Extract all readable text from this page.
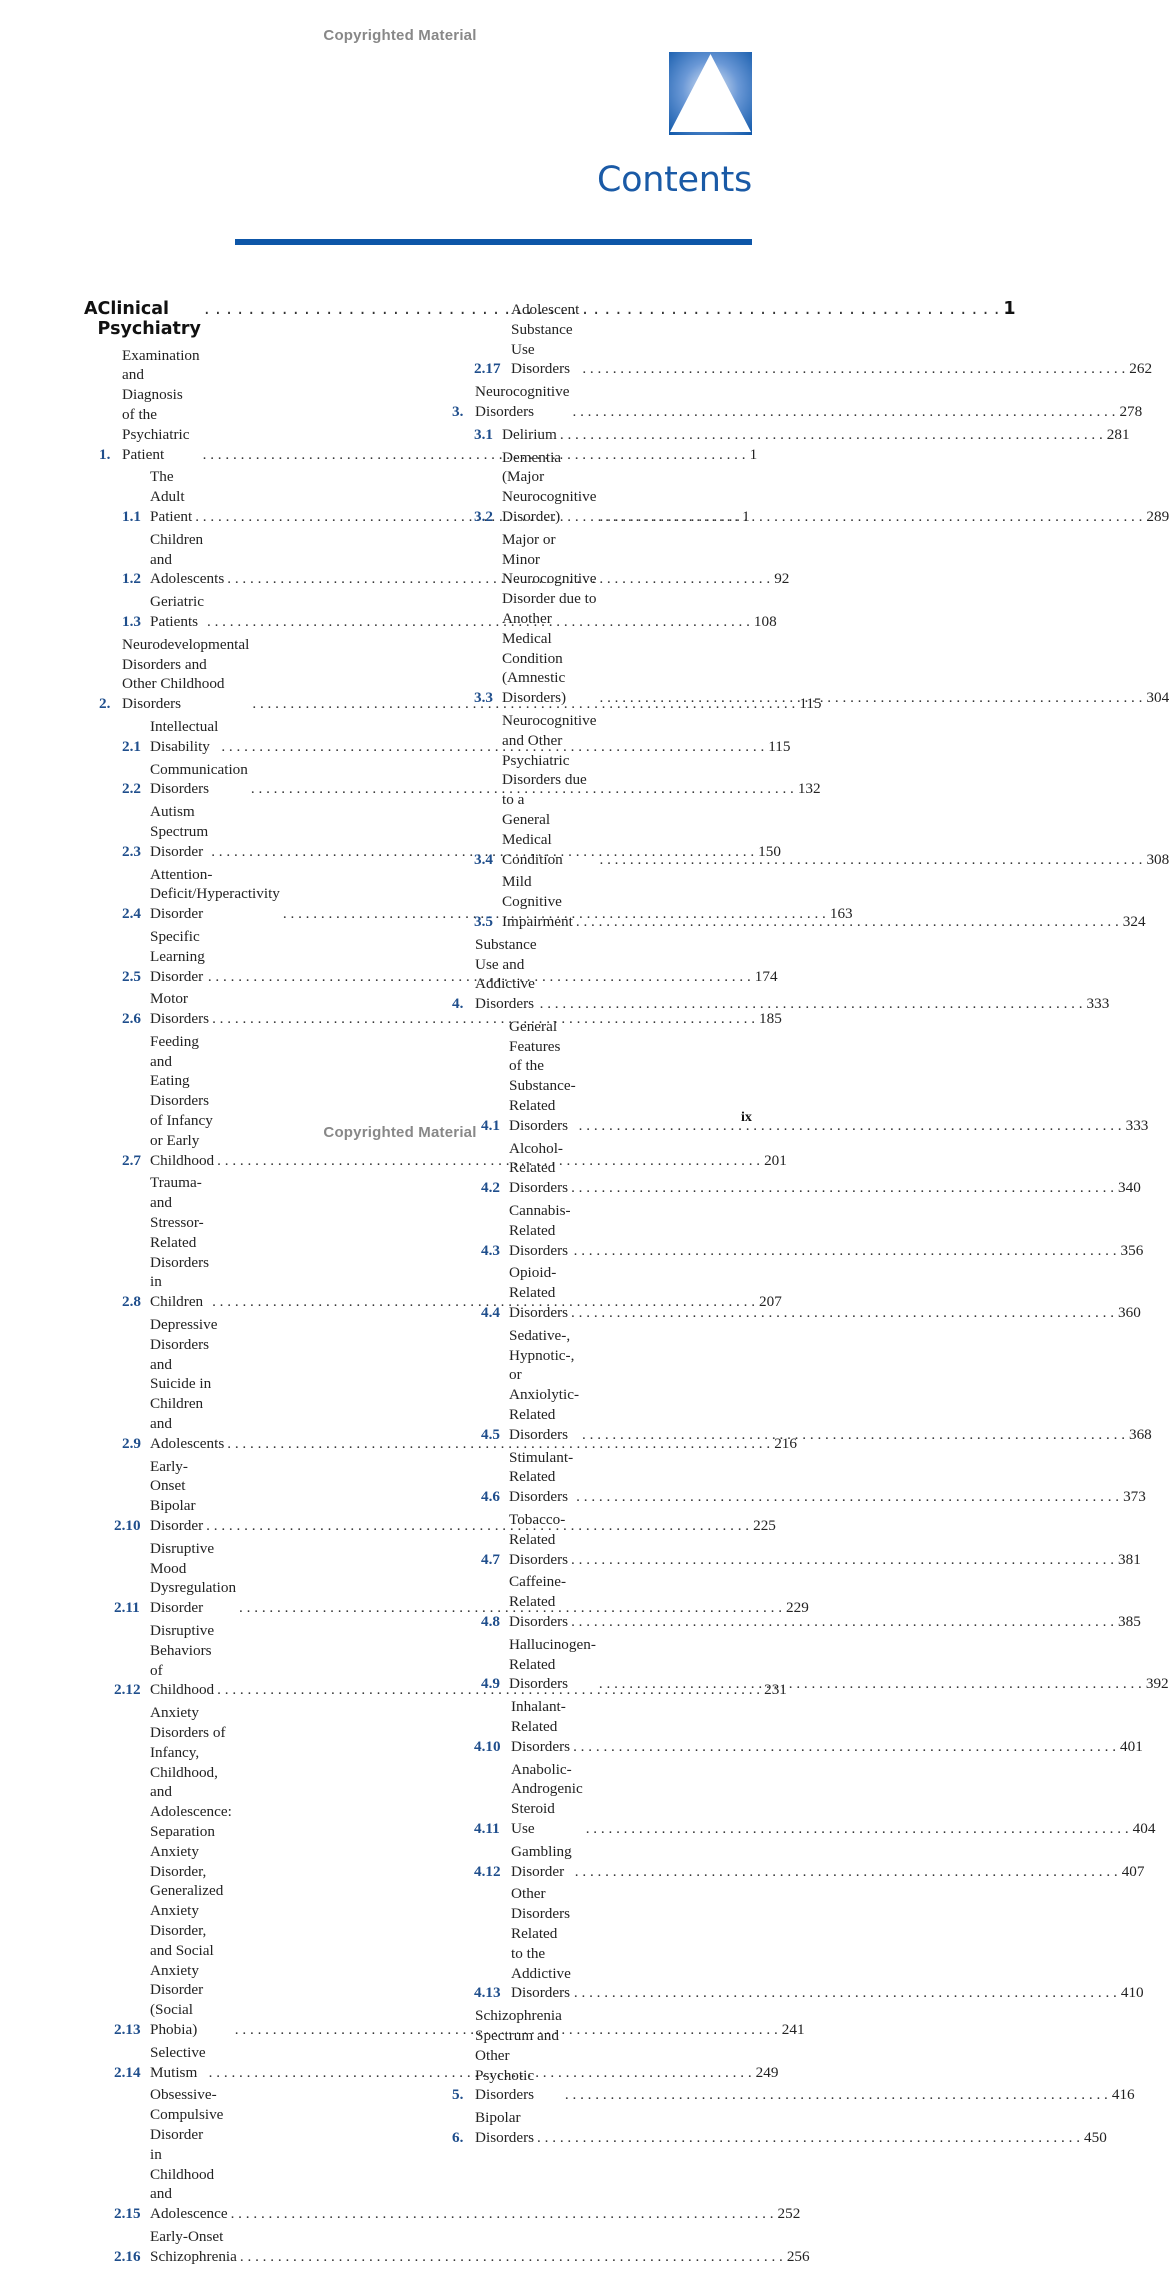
Copyrighted Material
Contents
A Clinical Psychiatry
. . .
1
1.
Examination and Diagnosis
of the Psychiatric Patient . . .	1
1.1
The Adult Patient . . .	1
1.2
Children and Adolescents . . .	92
1.3
Geriatric Patients . . .	108
2.
Neurodevelopmental Disorders and
Other Childhood Disorders . . .	115
2.1
Intellectual Disability . . .	115
2.2
Communication Disorders . . .	132
2.3
Autism Spectrum Disorder . . .	150
2.4
Attention-Deficit/Hyperactivity
Disorder . . .	163
2.5
Specific Learning Disorder . . .	174
2.6
Motor Disorders . . .	185
2.7
Feeding and Eating Disorders
of Infancy or Early Childhood . . .	201
2.8
Trauma- and Stressor-Related
Disorders in Children . . .	207
2.9
Depressive Disorders and
Suicide in Children and
Adolescents . . .	216
2.10
Early-Onset Bipolar Disorder . . .	225
2.11
Disruptive Mood Dysregulation
Disorder . . .	229
2.12
Disruptive Behaviors of
Childhood . . .	231
2.13
Anxiety Disorders of Infancy,
Childhood, and Adolescence:
Separation Anxiety Disorder,
Generalized Anxiety Disorder,
and Social Anxiety Disorder
(Social Phobia) . . .	241
2.14
Selective Mutism . . .	249
2.15
Obsessive-Compulsive Disorder
in Childhood and Adolescence . . .	252
2.16
Early-Onset Schizophrenia . . .	256
2.17
Adolescent Substance Use
Disorders . . .	262
3.
Neurocognitive Disorders . . .	278
3.1 Delirium . . .	281
3.2
Dementia (Major Neurocognitive
Disorder) . . .	289
3.3
Major or Minor Neurocognitive
Disorder due to Another
Medical Condition
(Amnestic Disorders) . . .	304
3.4
Neurocognitive and Other
Psychiatric Disorders due to a
General Medical Condition . . .	308
3.5
Mild Cognitive Impairment . . .	324
4.
Substance Use and
Addictive Disorders . . .	333
4.1
General Features of the
Substance-Related Disorders . . .	333
4.2
Alcohol-Related Disorders . . .	340
4.3
Cannabis-Related Disorders . . .	356
4.4
Opioid-Related Disorders . . .	360
4.5
Sedative-, Hypnotic-, or
Anxiolytic-Related Disorders . . .	368
4.6
Stimulant-Related Disorders . . .	373
4.7
Tobacco-Related Disorders . . .	381
4.8
Caffeine-Related Disorders . . .	385
4.9
Hallucinogen-Related
Disorders . . .	392
4.10
Inhalant-Related Disorders . . .	401
4.11
Anabolic-Androgenic Steroid
Use . . .	404
4.12
Gambling Disorder . . .	407
4.13
Other Disorders Related to the
Addictive Disorders . . .	410
5.
Schizophrenia Spectrum and
Other Psychotic Disorders . . .	416
6.
Bipolar Disorders . . .	450
Copyrighted Material
ix
